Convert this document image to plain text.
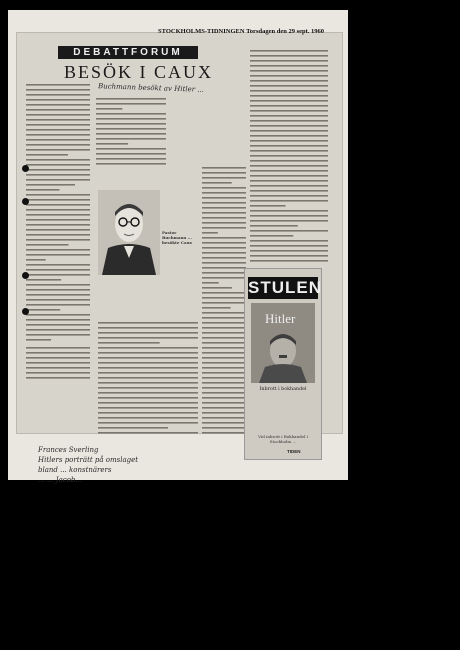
STOCKHOLMS-TIDNINGEN Torsdagen den 29 sept. 1960
DEBATTFORUM
BESÖK I CAUX
Buchmann besökt av Hitler ...
Pastor Buchmann ... besökte Caux
STULEN
Hitler
Inbrott i bokhandel
Vid inbrott i Bokhandel i Stockholm ...
TIDEN
Frances Sverling
Hitlers porträtt på omslaget
bland ... konstnärers
... ... Jacob...
